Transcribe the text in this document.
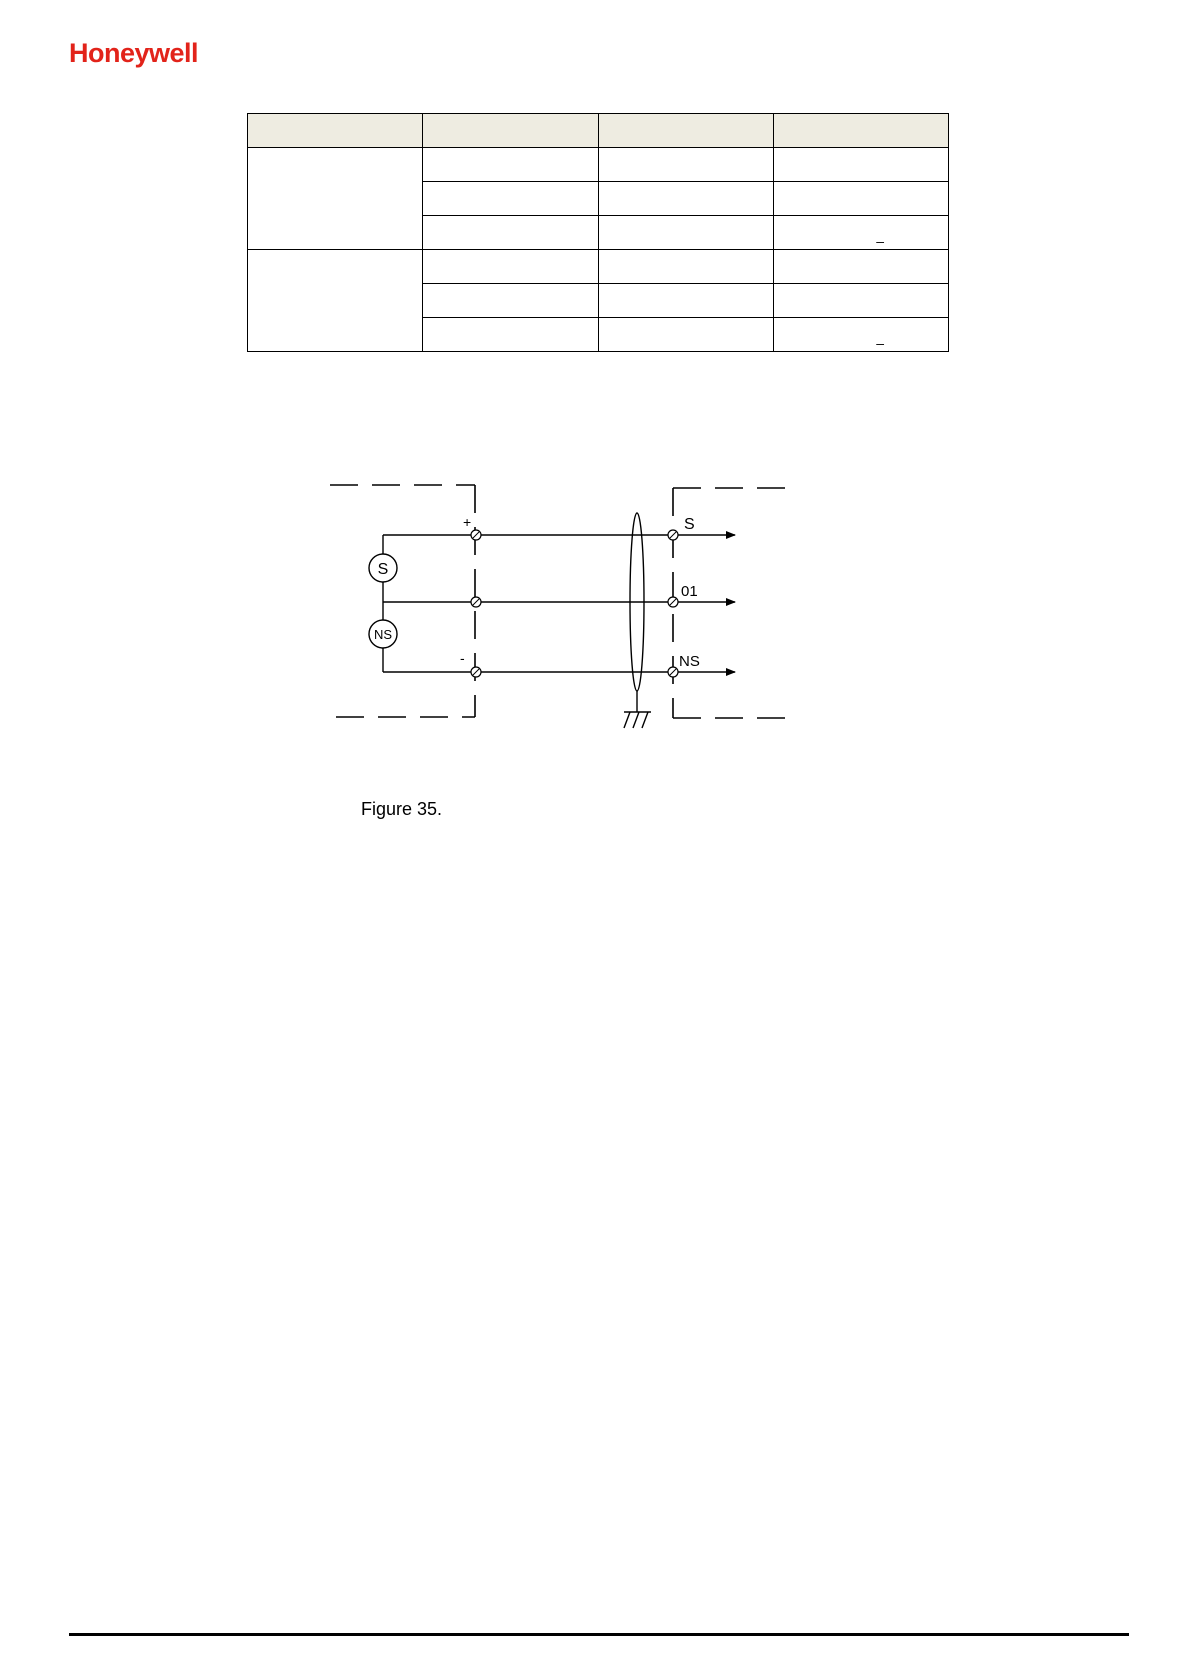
Honeywell

			–

			–
S
NS
+
-
S
01
NS
Figure 35.
